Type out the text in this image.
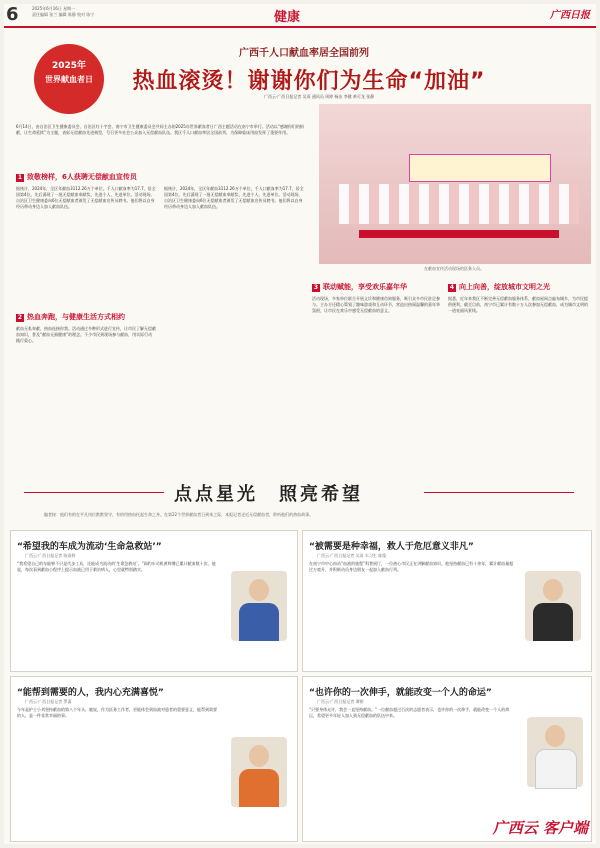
6	2025年6月16日 星期一
责任编辑 张兰 编辑 陈静 校对 陈宁	健康	广西日报
2025年
世界献血者日
广西千人口献血率居全国前列
热血滚烫！谢谢你们为生命“加油”
广西云·广西日报记者 吴雨 通讯员 周婷 杨洁 李健 黄可龙 张静
6月14日，由自治区卫生健康委员会、自治区红十字会、南宁市卫生健康委员会共同主办的2025年世界献血者日广西主题活动在南宁市举行。活动以“感谢你们的捐献，让生命延续”为主题，表彰无偿献血先进典型，号召更多社会公众加入无偿献血队伍。我区千人口献血率居全国前列，为保障临床用血发挥了重要作用。
在献血宣传活动现场的医务人员。
1 致敬榜样，6人获聘无偿献血宣传员
据统计，2024年，全区年献血3112.26万个单位，千人口献血率为17.7，居全国第4位。先后涌现了一批无偿献血奉献奖、先进个人、先进单位。活动现场，自治区卫生健康委向6位无偿献血者颁发了无偿献血宣传员聘书。他们将以自身经历带动身边人加入献血队伍。
2 热血奔跑，与健康生活方式相约
献血无私奉献，热血连接你我。活动通过多种形式进行宣传，让市民了解无偿献血知识，普及“献血无损健康”的理念。不少市民到现场参与献血，用实际行动践行爱心。
据统计，2024年，全区年献血3112.26万个单位，千人口献血率为17.7，居全国第4位。先后涌现了一批无偿献血奉献奖、先进个人、先进单位。活动现场，自治区卫生健康委向6位无偿献血者颁发了无偿献血宣传员聘书。他们将以自身经历带动身边人加入献血队伍。
3 联动赋能，享受欢乐嘉年华
活动现场，多家单位联合开展义诊和健康咨询服务，吸引众多市民驻足参与。主办方还精心策划了趣味游戏和互动环节，营造出热闹温馨的嘉年华氛围，让市民在欢乐中感受无偿献血的意义。
4 向上向善，绽放城市文明之光
据悉，近年来我区不断完善无偿献血服务体系，献血屋网点遍布城乡，为市民提供便利。截至目前，南宁市已累计有数十万人次参加无偿献血，成为城市文明的一道亮丽风景线。
点点星光　照亮希望
编者按：他们有的在平凡岗位默默坚守，有的用热血托起生命之舟。在第22个世界献血者日到来之际，本报记者走近无偿献血者，聆听他们的热血故事。
“希望我的车成为流动‘生命急救站’”
广西云·广西日报记者 陈雨婷
“我希望自己的车能够不只是代步工具，还能成为流动的‘生命急救站’。”网约车司机黄师傅已累计献血数十次，他说，每次看到献血小程序上提示血液已用于救治病人，心里就特别踏实。
“被需要是种幸福，救人于危厄意义非凡”
广西云·广西日报记者 吴雨 实习生 陈俊
在南宁市中心血站“血液的旅程”科普展厅，一位热心市民正在讲解献血知识。他坚持献血已有十余年，累计献血量超过万毫升，并积极动员身边朋友一起加入献血行列。
“能帮到需要的人，我内心充满喜悦”
广西云·广西日报记者 罗潇
今年是护士小刘坚持献血的第八个年头。她说，作为医务工作者，更能体会到血液对患者的重要意义，能帮到需要的人，是一件非常幸福的事。
“也许你的一次伸手，就能改变一个人的命运”
广西云·广西日报记者 谭朝
“只要身体允许，我会一直坚持献血。”一位献血超过百次的志愿者表示，也许你的一次伸手，就能改变一个人的命运，希望更多年轻人加入到无偿献血的队伍中来。
广西云 客户端
